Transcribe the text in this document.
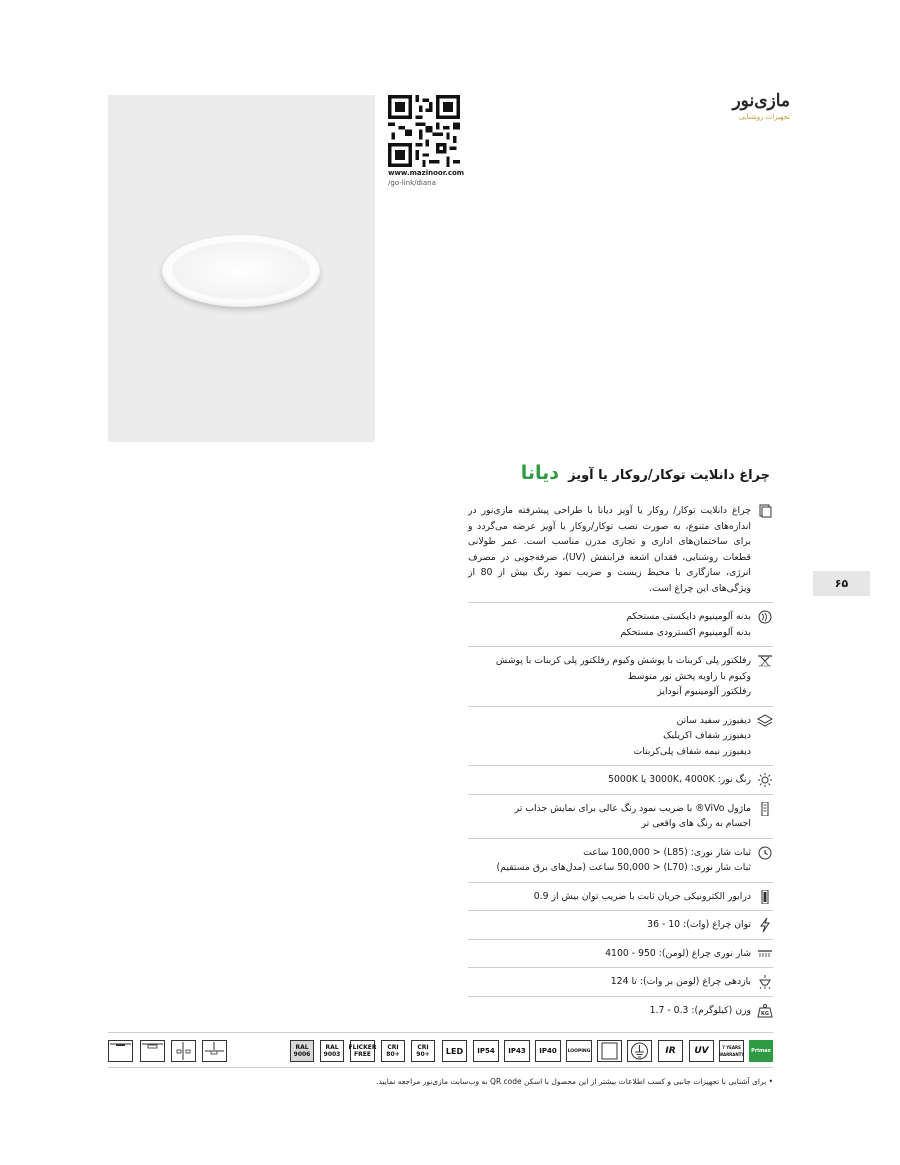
www.mazinoor.com
/go-link/diana
مازی‌نور
تجهیزات روشنایی
چراغ دانلایت توکار/روکار یا آویز دیانا
۶۵
چراغ دانلایت توکار/ روکار یا آویز دیانا با طراحی پیشرفته مازی‌نور در اندازه‌های متنوع، به صورت نصب توکار/روکار یا آویز عرضه می‌گردد و برای ساختمان‌های اداری و تجاری مدرن مناسب است. عمر طولانی قطعات روشنایی، فقدان اشعه فرابنفش (UV)، صرفه‌جویی در مصرف انرژی، سازگاری با محیط زیست و ضریب نمود رنگ بیش از 80 از ویژگی‌های این چراغ است.
بدنه آلومینیوم دایکستی مستحکم
بدنه آلومینیوم اکسترودی مستحکم
رفلکتور پلی کربنات با پوشش وکیوم رفلکتور پلی کربنات با پوشش
وکیوم با زاویه پخش نور متوسط
رفلکتور آلومینیوم آنودایز
دیفیوزر سفید ساتن
دیفیوزر شفاف اکریلیک
دیفیوزر نیمه شفاف پلی‌کربنات
رنگ نور: 3000K، 4000K یا 5000K
ماژول ViVo® با ضریب نمود رنگ عالی برای نمایش جذاب تر
اجسام به رنگ های واقعی تر
ثبات شار نوری: (L85) < 100,000 ساعت
ثبات شار نوری: (L70) < 50,000 ساعت (مدل‌های برق مستقیم)
درایور الکترونیکی جریان ثابت با ضریب توان بیش از 0.9
توان چراغ (وات): 10 - 36
شار نوری چراغ (لومن): 950 - 4100
بازدهی چراغ (لومن بر وات): تا 124
KG
وزن (کیلوگرم): 0.3 - 1.7
RAL 9006
RAL 9003
FLICKER FREE
CRI 80+
CRI 90+	LED	IP54	IP43	IP40	LOOPING	IR	UV	7 YEARS WARRANTY
Primax
• برای آشنایی با تجهیزات جانبی و کسب اطلاعات بیشتر از این محصول با اسکن QR code به وب‌سایت مازی‌نور مراجعه نمایید.
